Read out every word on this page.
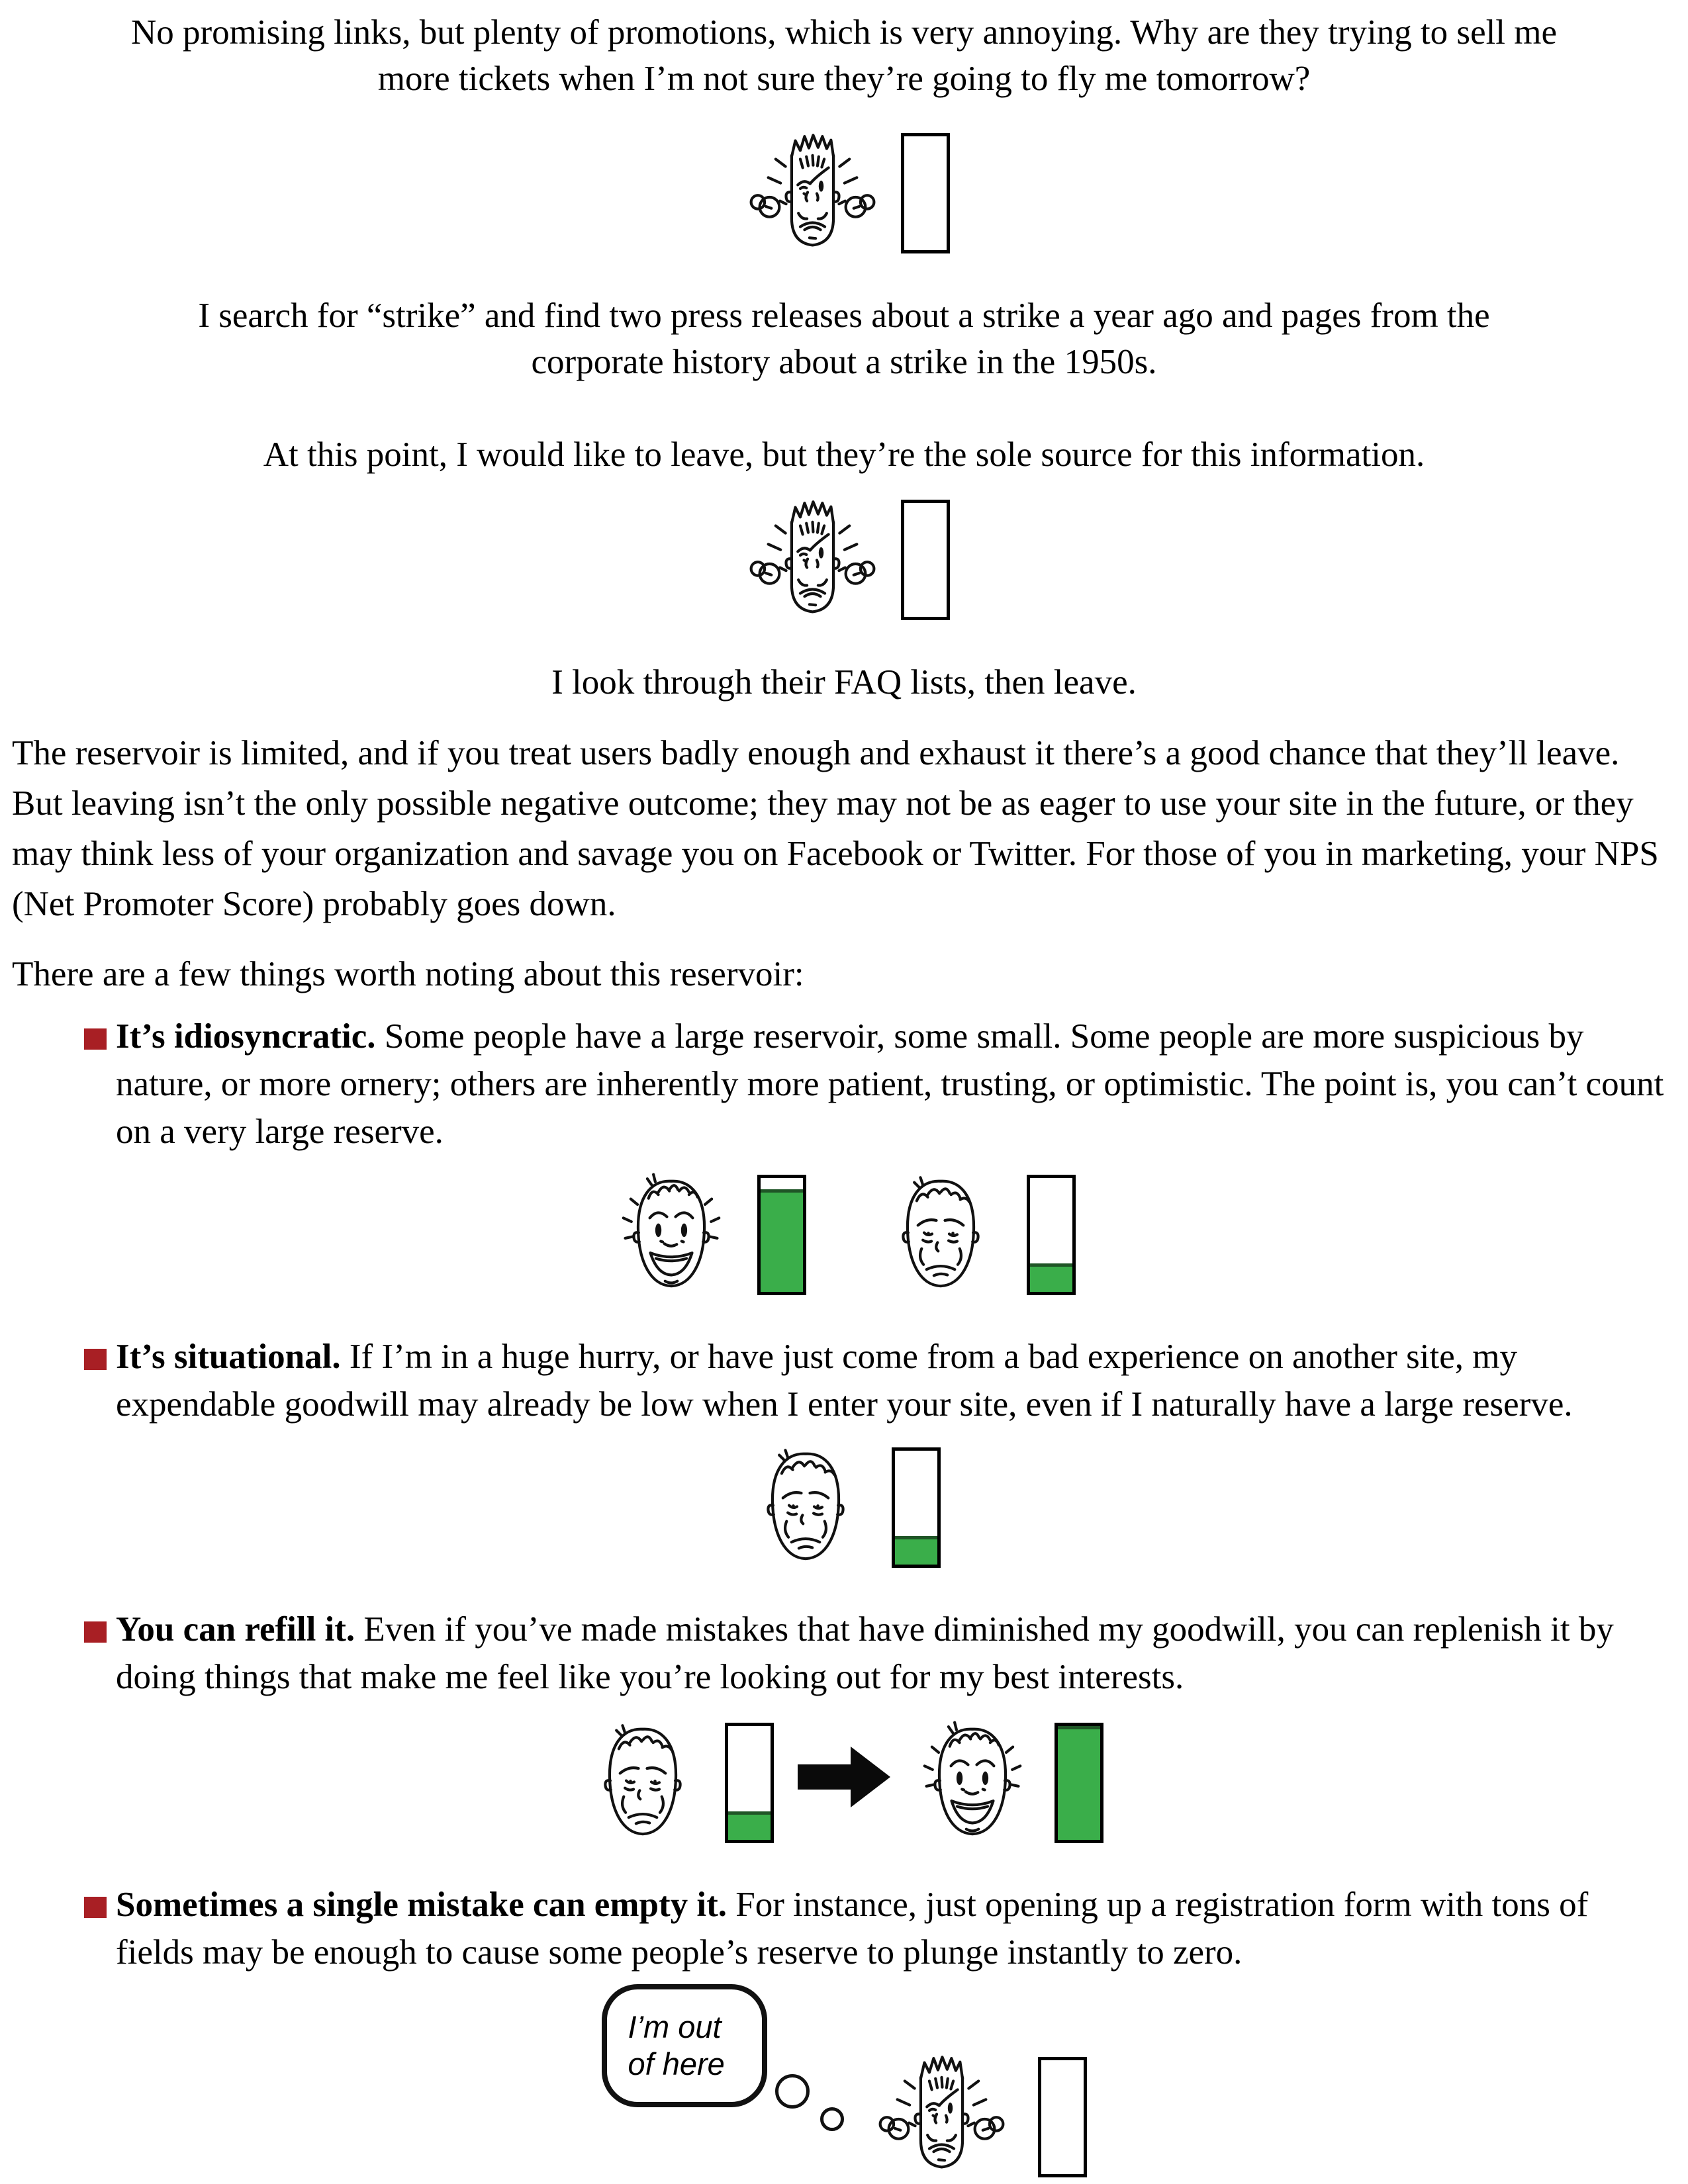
No promising links, but plenty of promotions, which is very annoying. Why are they trying to sell me
more tickets when I’m not sure they’re going to fly me tomorrow?

I search for “strike” and find two press releases about a strike a year ago and pages from the
corporate history about a strike in the 1950s.

At this point, I would like to leave, but they’re the sole source for this information.

I look through their FAQ lists, then leave.

The reservoir is limited, and if you treat users badly enough and exhaust it there’s a good chance that they’ll leave. But leaving isn’t the only possible negative outcome; they may not be as eager to use your site in the future, or they may think less of your organization and savage you on Facebook or Twitter. For those of you in marketing, your NPS (Net Promoter Score) probably goes down.

There are a few things worth noting about this reservoir:

It’s idiosyncratic. Some people have a large reservoir, some small. Some people are more suspicious by nature, or more ornery; others are inherently more patient, trusting, or optimistic. The point is, you can’t count on a very large reserve.

It’s situational. If I’m in a huge hurry, or have just come from a bad experience on another site, my expendable goodwill may already be low when I enter your site, even if I naturally have a large reserve.

You can refill it. Even if you’ve made mistakes that have diminished my goodwill, you can replenish it by doing things that make me feel like you’re looking out for my best interests.

Sometimes a single mistake can empty it. For instance, just opening up a registration form with tons of fields may be enough to cause some people’s reserve to plunge instantly to zero.

I’m out
of here
